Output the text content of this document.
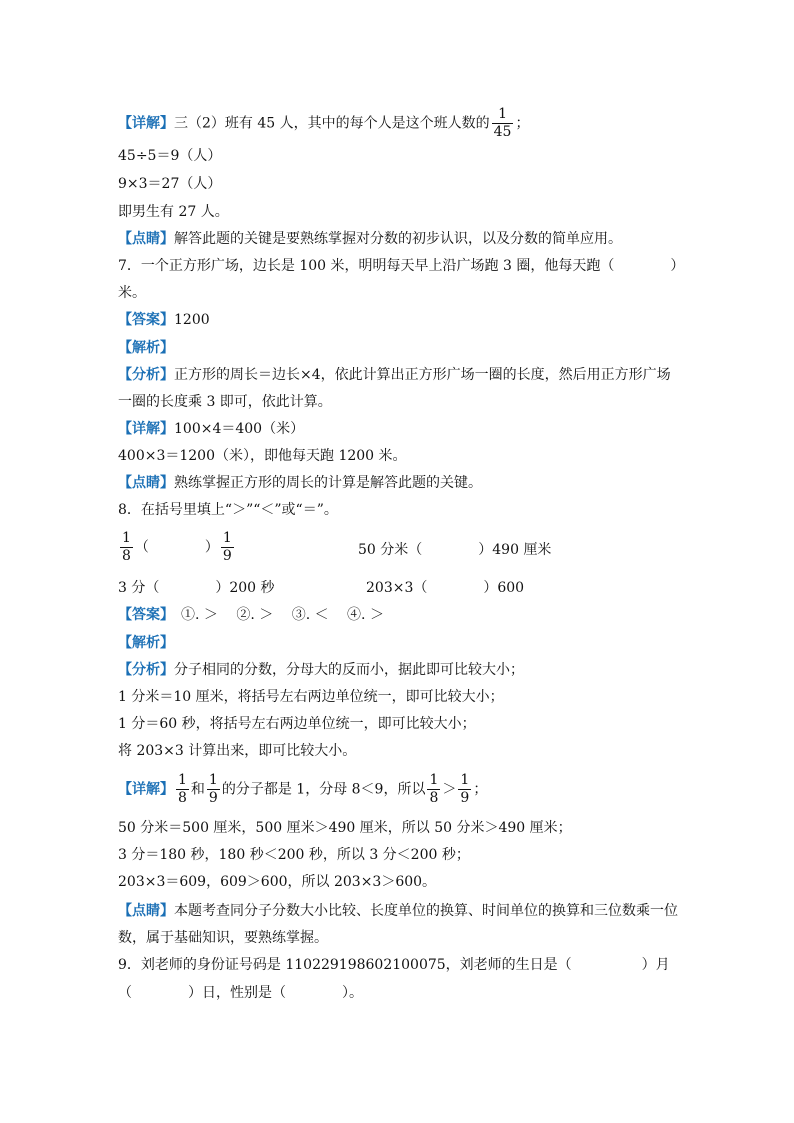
【详解】三（2）班有 45 人，其中的每个人是这个班人数的 $\frac{1}{45}$ ；
45÷5＝9（人）
9×3＝27（人）
即男生有 27 人。
【点睛】解答此题的关键是要熟练掌握对分数的初步认识，以及分数的简单应用。
7．一个正方形广场，边长是 100 米，明明每天早上沿广场跑 3 圈，他每天跑（　　　　）
米。
【答案】1200
【解析】
【分析】正方形的周长＝边长×4，依此计算出正方形广场一圈的长度，然后用正方形广场
一圈的长度乘 3 即可，依此计算。
【详解】100×4＝400（米）
400×3＝1200（米），即他每天跑 1200 米。
【点睛】熟练掌握正方形的周长的计算是解答此题的关键。
8．在括号里填上“＞”“＜”或“＝”。
$\frac{1}{8}$ （　　　　） $\frac{1}{9}$	50 分米（　　　　）490 厘米
3 分（　　　　）200 秒	203×3（　　　　）600
【答案】　①. ＞　 ②. ＞　 ③. ＜　 ④. ＞
【解析】
【分析】分子相同的分数，分母大的反而小，据此即可比较大小；
1 分米＝10 厘米，将括号左右两边单位统一，即可比较大小；
1 分＝60 秒，将括号左右两边单位统一，即可比较大小；
将 203×3 计算出来，即可比较大小。
【详解】 $\frac{1}{8}$ 和 $\frac{1}{9}$ 的分子都是 1，分母 8＜9，所以 $\frac{1}{8} > \frac{1}{9}$ ；
50 分米＝500 厘米，500 厘米＞490 厘米，所以 50 分米＞490 厘米；
3 分＝180 秒，180 秒＜200 秒，所以 3 分＜200 秒；
203×3＝609，609＞600，所以 203×3＞600。
【点睛】本题考查同分子分数大小比较、长度单位的换算、时间单位的换算和三位数乘一位
数，属于基础知识，要熟练掌握。
9．刘老师的身份证号码是 110229198602100075，刘老师的生日是（　　　　　）月
（　　　　）日，性别是（　　　　）。
